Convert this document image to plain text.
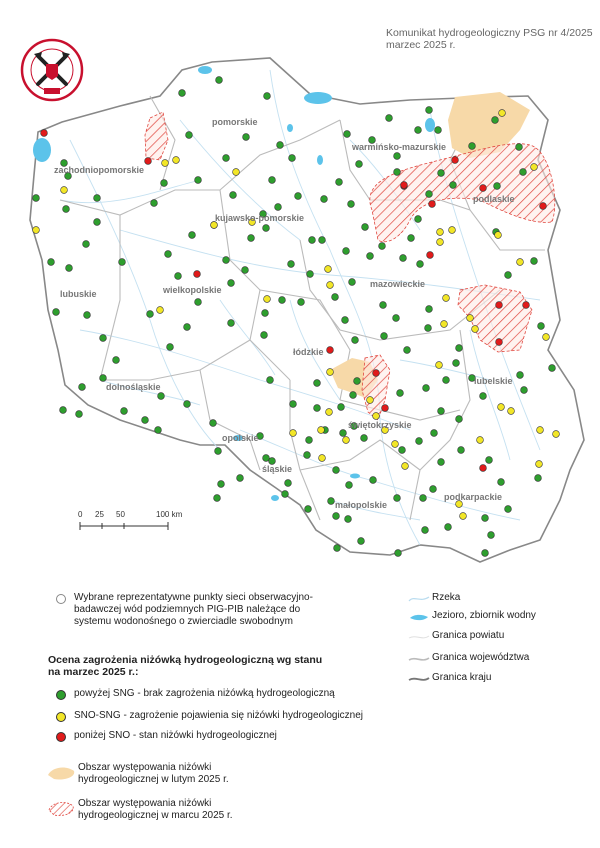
Komunikat hydrogeologiczny PSG nr 4/2025
marzec 2025 r.
pomorskie
zachodniopomorskie
warmińsko-mazurskie
podlaskie
kujawsko-pomorskie
wielkopolskie
lubuskie
mazowieckie
łódzkie
dolnośląskie
lubelskie
świętokrzyskie
opolskie
śląskie
małopolskie
podkarpackie
0 25 50	100 km
Wybrane reprezentatywne punkty sieci obserwacyjno-badawczej wód podziemnych PIG-PIB należące do systemu wodonośnego o zwierciadle swobodnym
Ocena zagrożenia niżówką hydrogeologiczną wg stanu na marzec 2025 r.:
powyżej SNG - brak zagrożenia niżówką hydrogeologiczną
SNO-SNG - zagrożenie pojawienia się niżówki hydrogeologicznej
poniżej SNO - stan niżówki hydrogeologicznej
Obszar występowania niżówki hydrogeologicznej w lutym 2025 r.
Obszar występowania niżówki hydrogeologicznej w marcu 2025 r.
Rzeka
Jezioro, zbiornik wodny
Granica powiatu
Granica województwa
Granica kraju
